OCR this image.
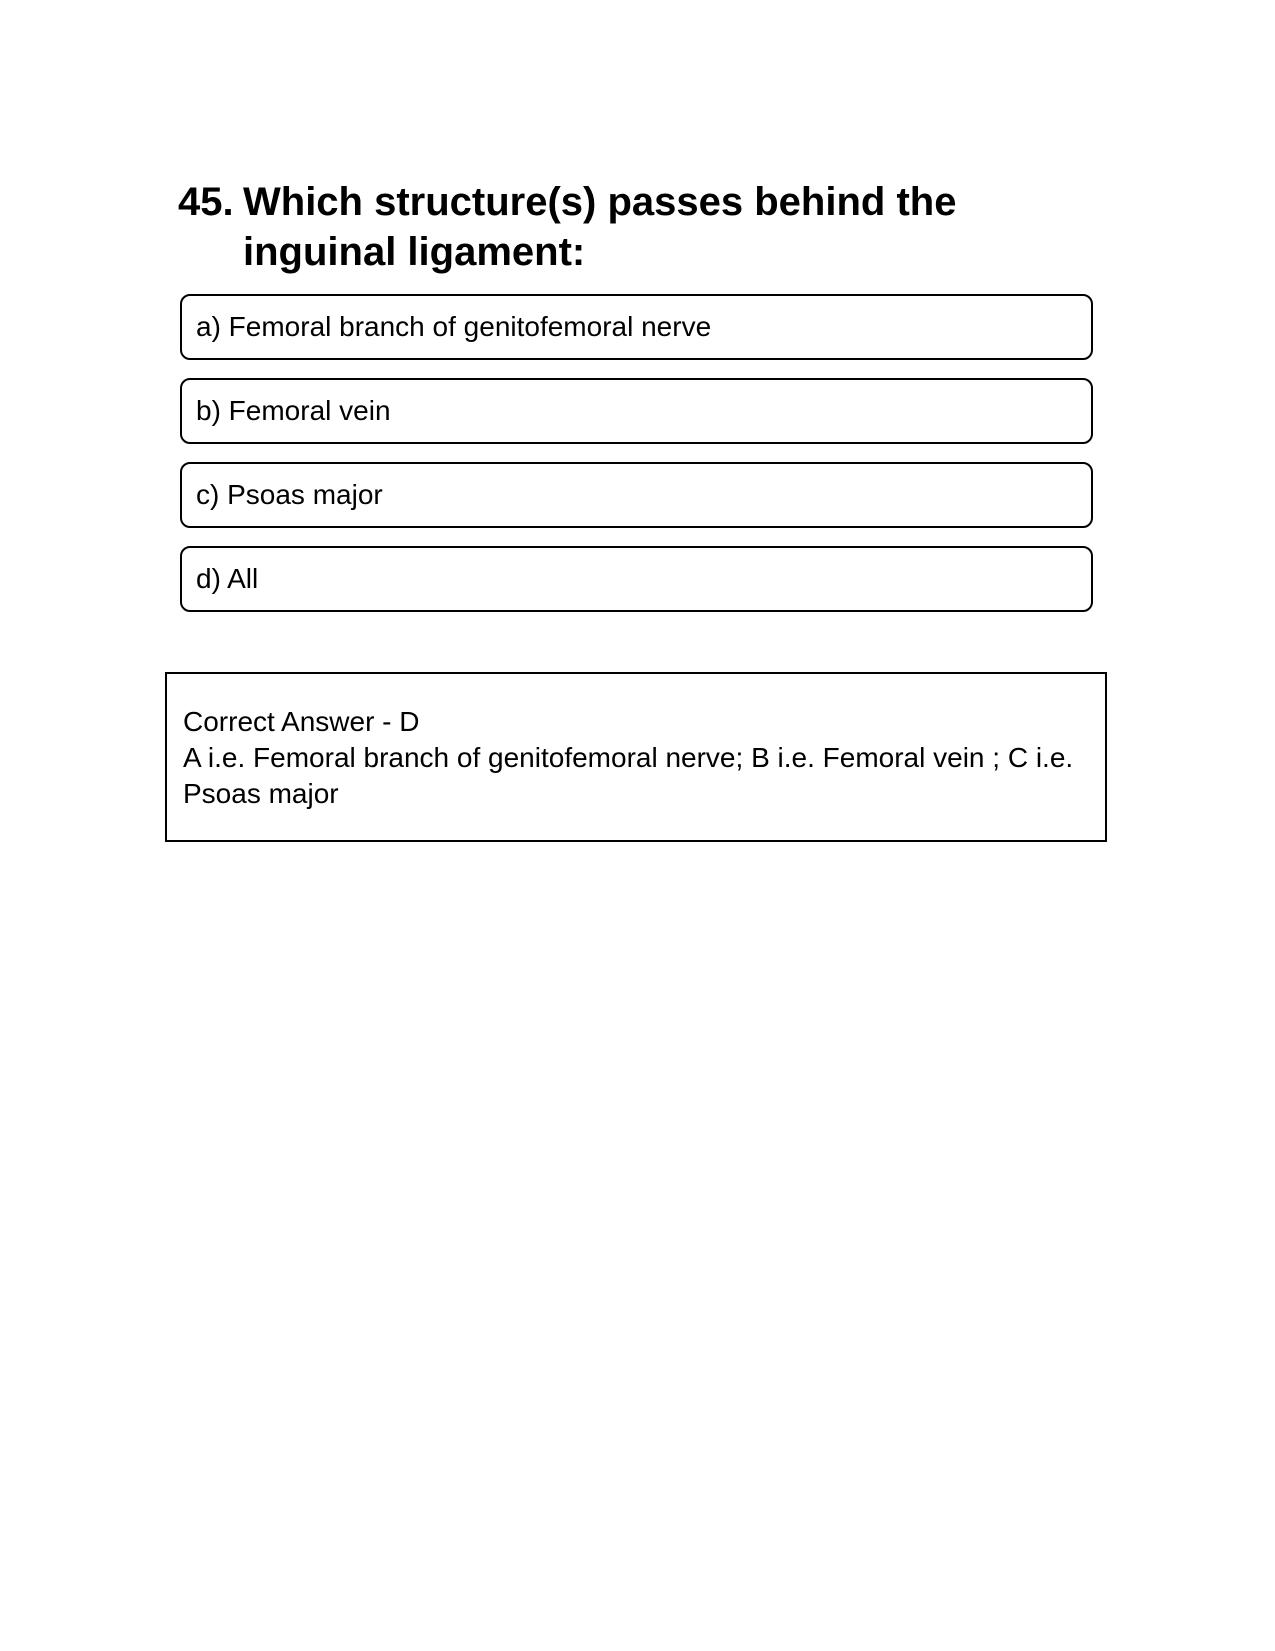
45. Which structure(s) passes behind the inguinal ligament:
a) Femoral branch of genitofemoral nerve
b) Femoral vein
c) Psoas major
d) All
Correct Answer - D
A i.e. Femoral branch of genitofemoral nerve; B i.e. Femoral vein ; C i.e. Psoas major
